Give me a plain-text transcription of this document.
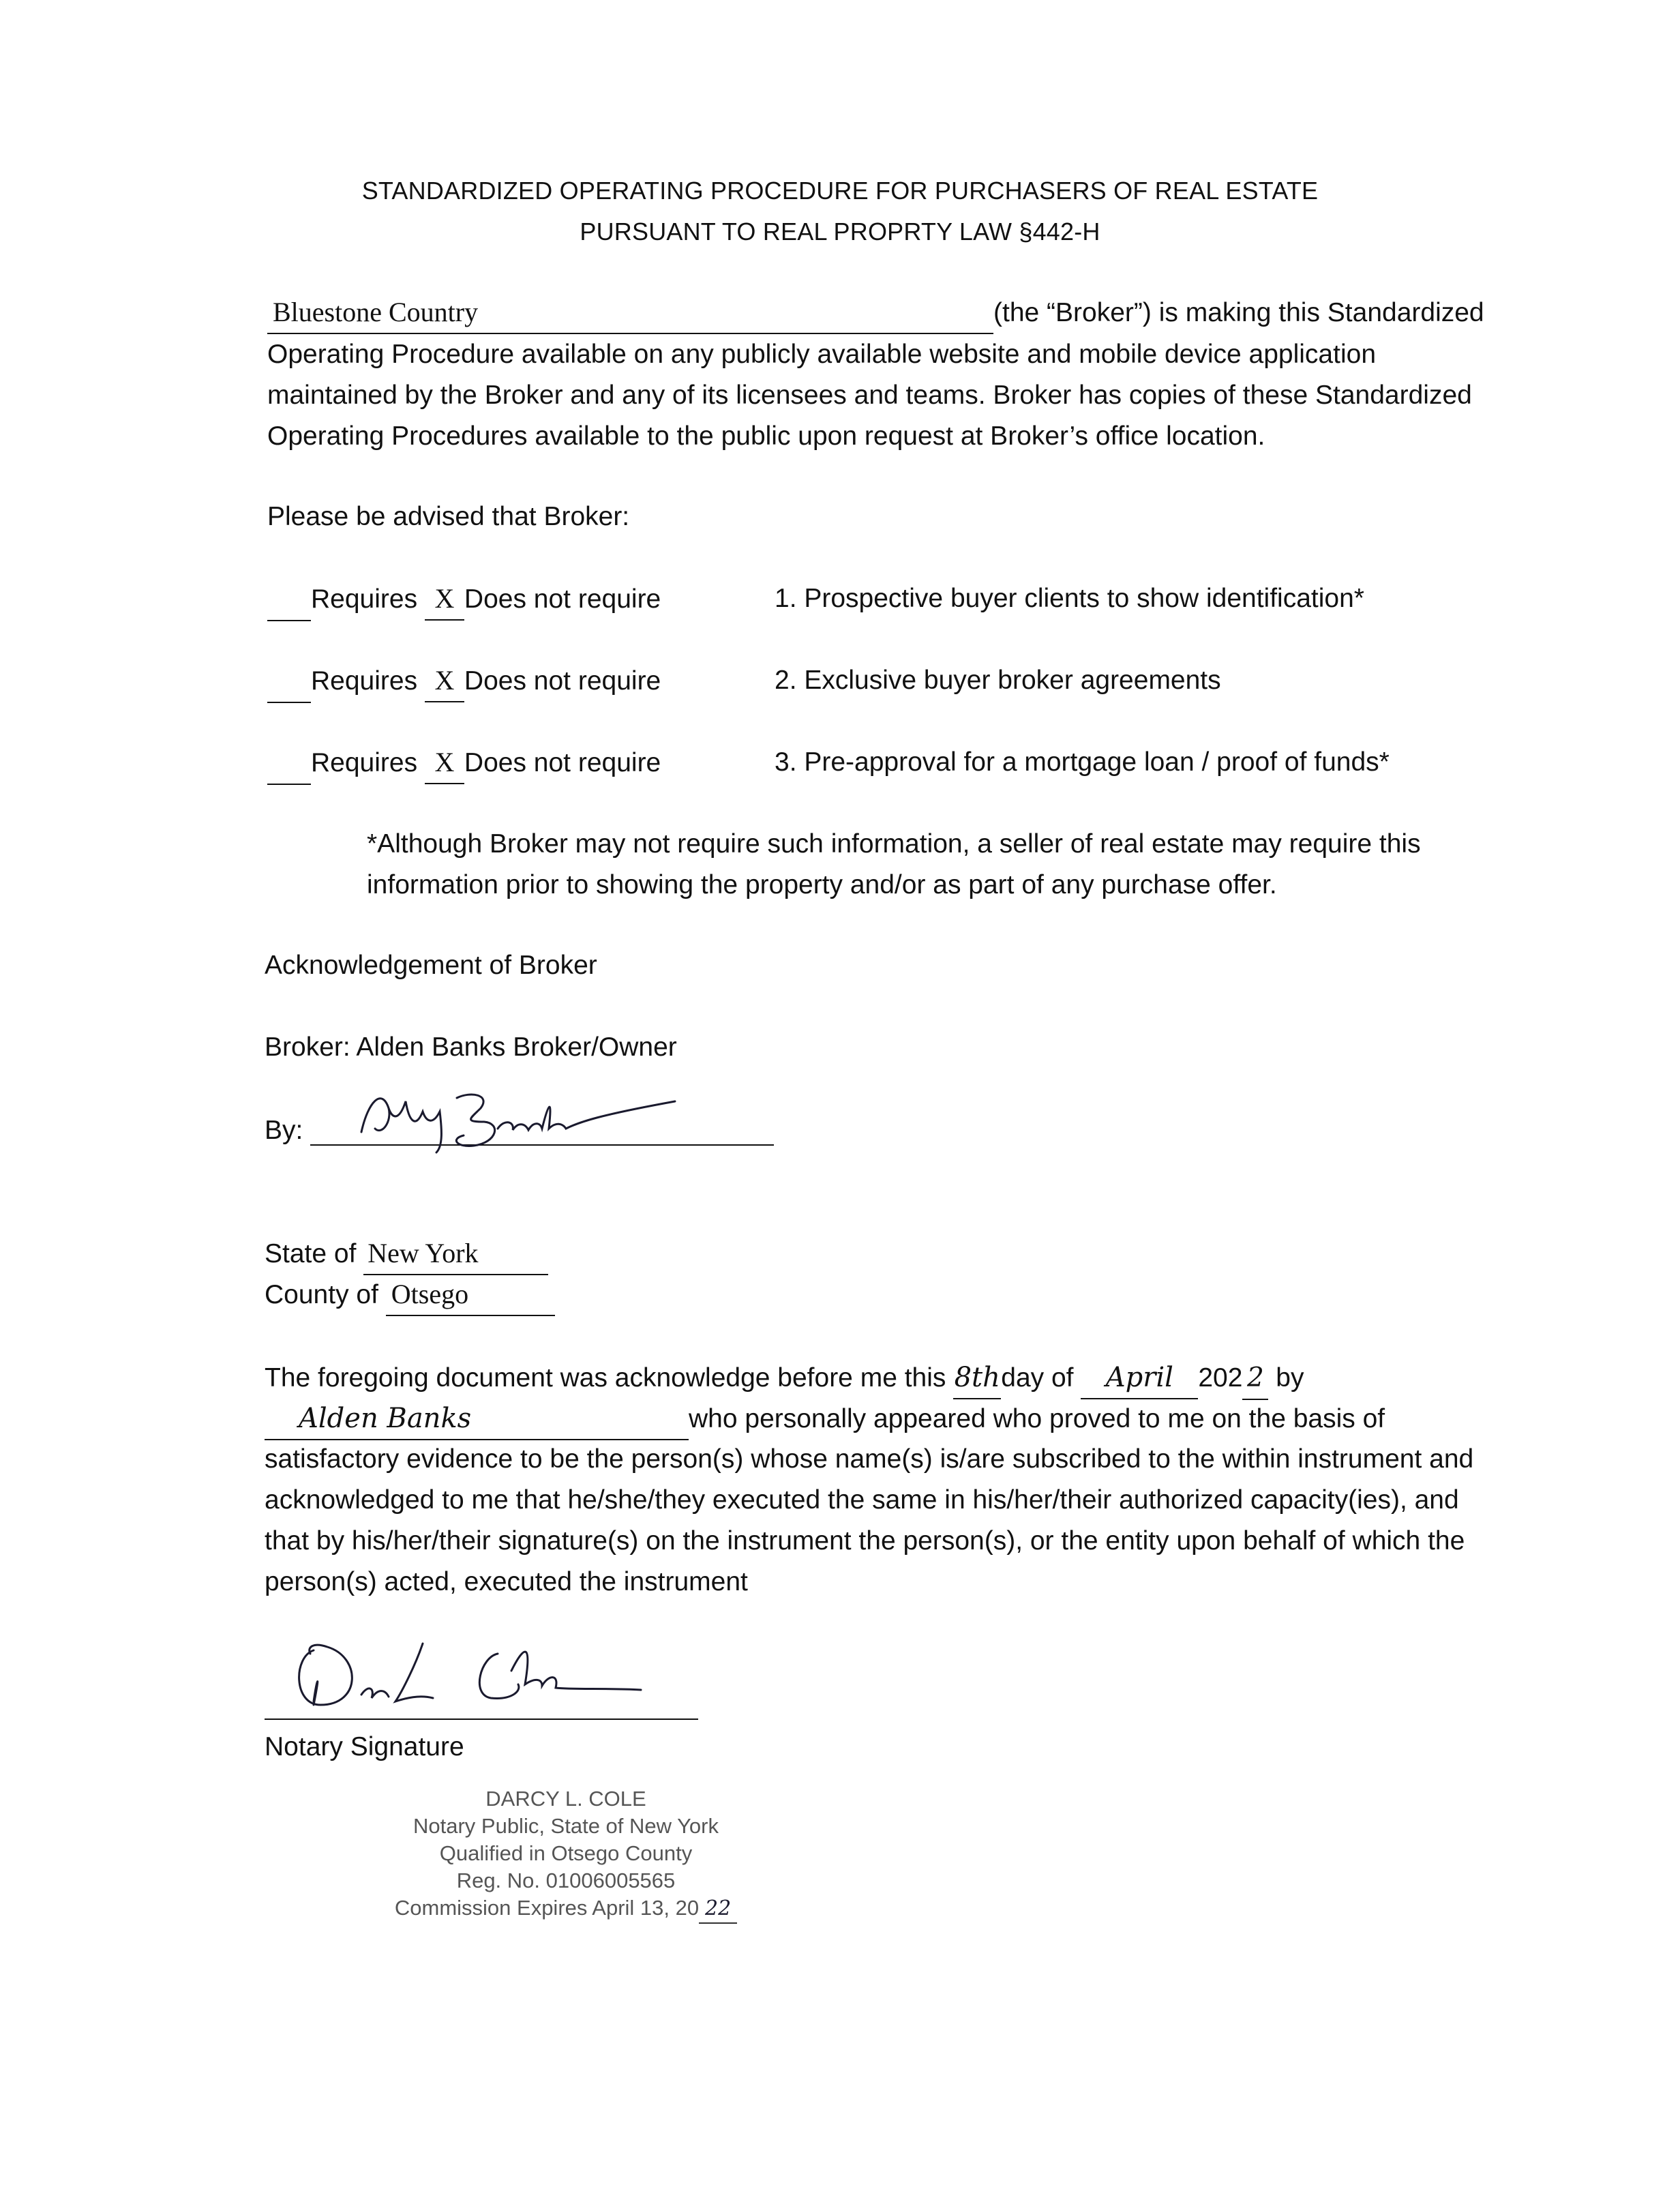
STANDARDIZED OPERATING PROCEDURE FOR PURCHASERS OF REAL ESTATE
PURSUANT TO REAL PROPRTY LAW §442-H
Bluestone Country	(the “Broker”) is making this Standardized
Operating Procedure available on any publicly available website and mobile device application
maintained by the Broker and any of its licensees and teams. Broker has copies of these Standardized
Operating Procedures available to the public upon request at Broker’s office location.
Please be advised that Broker:
Requires X Does not require	1. Prospective buyer clients to show identification*
Requires X Does not require	2. Exclusive buyer broker agreements
Requires X Does not require	3. Pre-approval for a mortgage loan / proof of funds*
*Although Broker may not require such information, a seller of real estate may require this
information prior to showing the property and/or as part of any purchase offer.
Acknowledgement of Broker
Broker: Alden Banks Broker/Owner
By:
State of New York
County of Otsego
The foregoing document was acknowledge before me this 8thday of April 202 2 by
Alden Banks	who personally appeared who proved to me on the basis of
satisfactory evidence to be the person(s) whose name(s) is/are subscribed to the within instrument and
acknowledged to me that he/she/they executed the same in his/her/their authorized capacity(ies), and
that by his/her/their signature(s) on the instrument the person(s), or the entity upon behalf of which the
person(s) acted, executed the instrument
Notary Signature
DARCY L. COLE
Notary Public, State of New York
Qualified in Otsego County
Reg. No. 01006005565
Commission Expires April 13, 20 22
